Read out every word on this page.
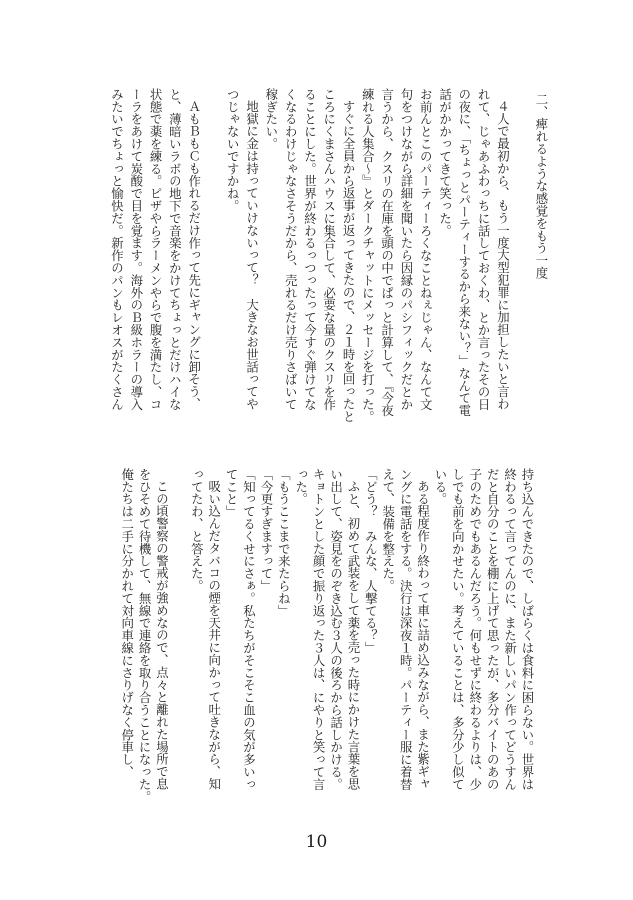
二、痺れるような感覚をもう一度
４人で最初から、もう一度大型犯罪に加担したいと言わ
れて、じゃあふわっちに話しておくわ、とか言ったその日
の夜に、「ちょっとパーティーするから来ない？」なんて電
話がかかってきて笑った。
お前んとこのパーティーろくなことねぇじゃん、なんて文
句をつけながら詳細を聞いたら因縁のパシフィックだとか
言うから、クスリの在庫を頭の中でぱっと計算して、『今夜
練れる人集合～』とダークチャットにメッセージを打った。
すぐに全員から返事が返ってきたので、２１時を回ったと
ころにくまさんハウスに集合して、必要な量のクスリを作
ることにした。世界が終わるっつったって今すぐ弾けてな
くなるわけじゃなさそうだから、売れるだけ売りさばいて
稼ぎたい。
地獄に金は持っていけないって？　大きなお世話ってや
つじゃないですかね。
ＡもＢもＣも作れるだけ作って先にギャングに卸そう、
と、薄暗いラボの地下で音楽をかけてちょっとだけハイな
状態で薬を練る。ピザやらラーメンやらで腹を満たし、コ
ーラをあけて炭酸で目を覚ます。海外のＢ級ホラーの導入
みたいでちょっと愉快だ。新作のパンもレオスがたくさん
持ち込んできたので、しばらくは食料に困らない。世界は
終わるって言ってんのに、また新しいパン作ってどうすん
だと自分のことを棚に上げて思ったが、多分バイトのあの
子のためでもあるんだろう。何もせずに終わるよりは、少
しでも前を向かせたい。考えていることは、多分少し似て
いる。
ある程度作り終わって車に詰め込みながら、また紫ギャ
ングに電話をする。決行は深夜１時。パーティー服に着替
えて、装備を整えた。
「どう？　みんな、人撃てる？」
ふと、初めて武装をして薬を売った時にかけた言葉を思
い出して、姿見をのぞき込む３人の後ろから話しかける。
キョトンとした顔で振り返った３人は、にやりと笑って言
った。
「もうここまで来たらね」
「今更すぎますって」
「知ってるくせにさぁ。私たちがそこそこ血の気が多いっ
てこと」
吸い込んだタバコの煙を天井に向かって吐きながら、知
ってたわ、と答えた。
この頃警察の警戒が強めなので、点々と離れた場所で息
をひそめて待機して、無線で連絡を取り合うことになった。
俺たちは二手に分かれて対向車線にさりげなく停車し、
10
